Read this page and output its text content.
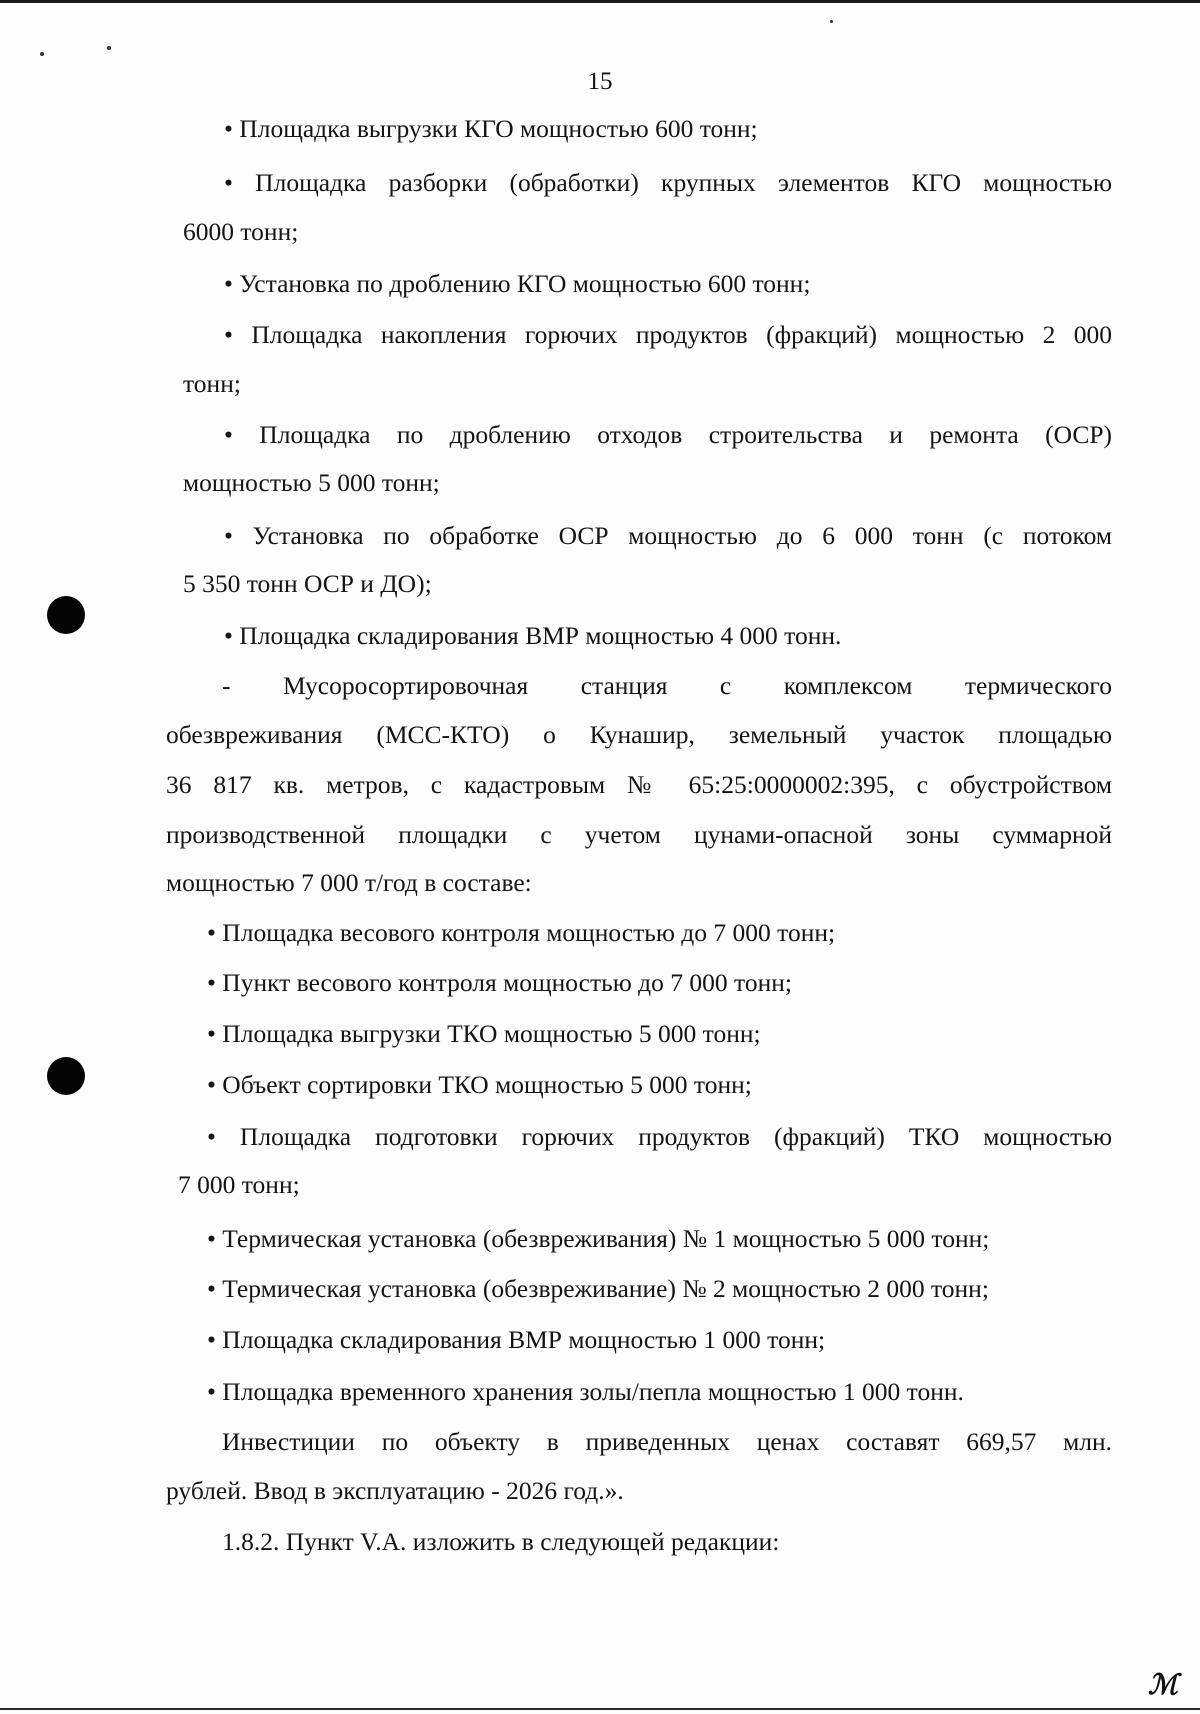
15
• Площадка выгрузки КГО мощностью 600 тонн;
• Площадка разборки (обработки) крупных элементов КГО мощностью
6000 тонн;
• Установка по дроблению КГО мощностью 600 тонн;
• Площадка накопления горючих продуктов (фракций) мощностью 2 000
тонн;
• Площадка по дроблению отходов строительства и ремонта (ОСР)
мощностью 5 000 тонн;
• Установка по обработке ОСР мощностью до 6 000 тонн (с потоком
5 350 тонн ОСР и ДО);
• Площадка складирования ВМР мощностью 4 000 тонн.
- Мусоросортировочная станция с комплексом термического
обезвреживания (МСС-КТО) о Кунашир, земельный участок площадью
36 817 кв. метров, с кадастровым № 65:25:0000002:395, с обустройством
производственной площадки с учетом цунами-опасной зоны суммарной
мощностью 7 000 т/год в составе:
• Площадка весового контроля мощностью до 7 000 тонн;
• Пункт весового контроля мощностью до 7 000 тонн;
• Площадка выгрузки ТКО мощностью 5 000 тонн;
• Объект сортировки ТКО мощностью 5 000 тонн;
• Площадка подготовки горючих продуктов (фракций) ТКО мощностью
7 000 тонн;
• Термическая установка (обезвреживания) № 1 мощностью 5 000 тонн;
• Термическая установка (обезвреживание) № 2 мощностью 2 000 тонн;
• Площадка складирования ВМР мощностью 1 000 тонн;
• Площадка временного хранения золы/пепла мощностью 1 000 тонн.
Инвестиции по объекту в приведенных ценах составят 669,57 млн.
рублей. Ввод в эксплуатацию - 2026 год.».
1.8.2. Пункт V.A. изложить в следующей редакции:
ℳ
